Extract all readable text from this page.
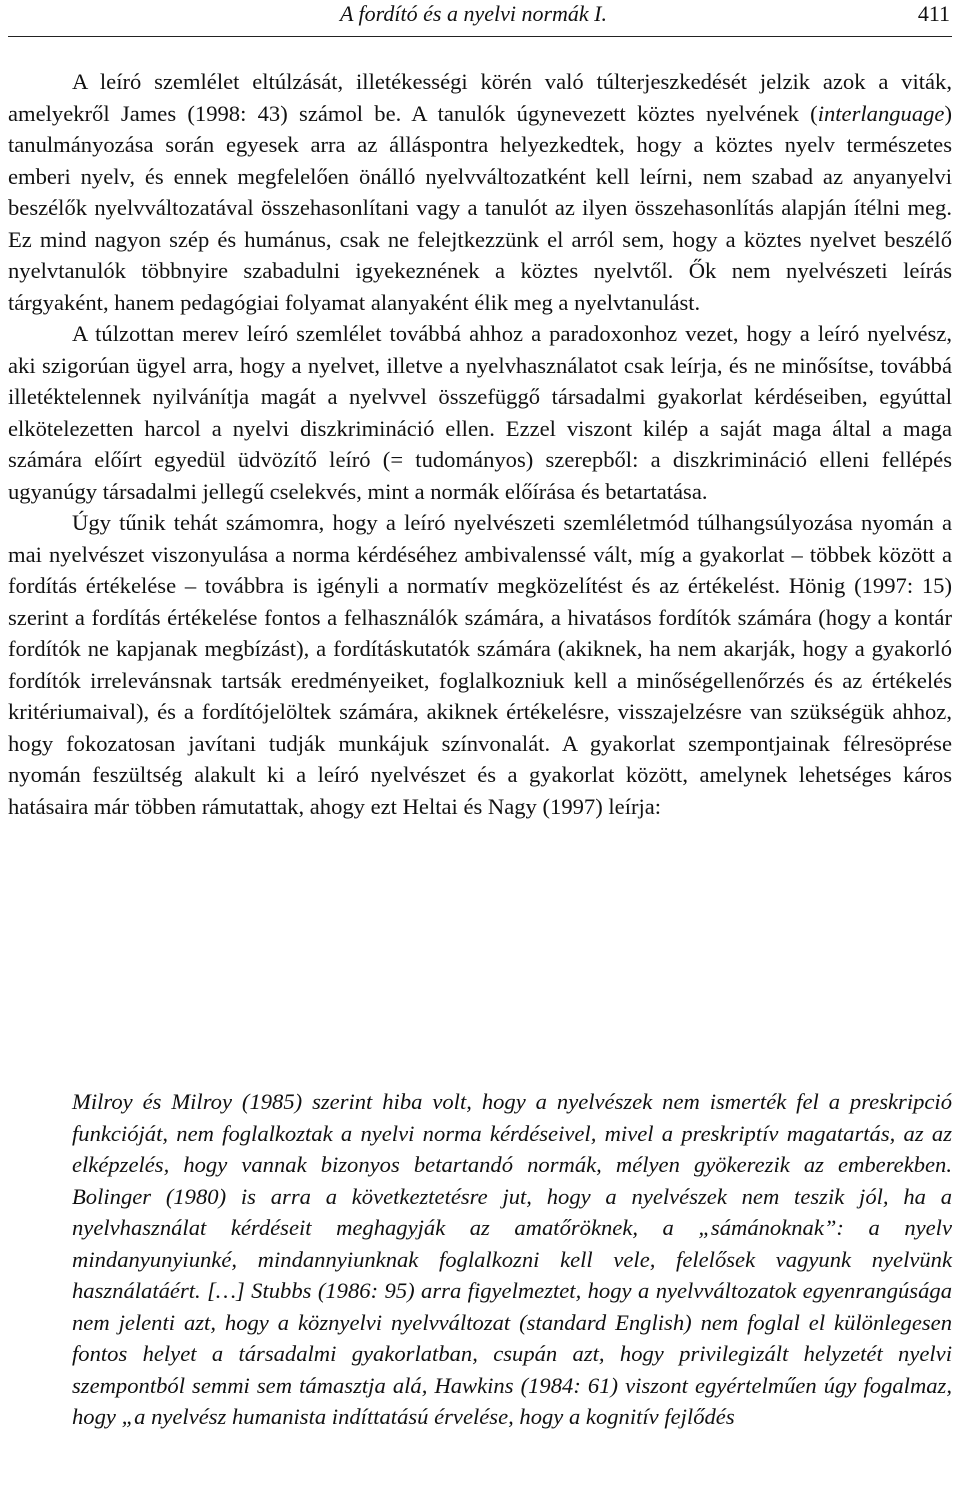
A fordító és a nyelvi normák I.	411

A leíró szemlélet eltúlzását, illetékességi körén való túlterjeszkedését jelzik azok a viták, amelyekről James (1998: 43) számol be. A tanulók úgynevezett köztes nyelvének (interlanguage) tanulmányozása során egyesek arra az álláspontra helyezkedtek, hogy a köztes nyelv természetes emberi nyelv, és ennek megfelelően önálló nyelvváltozatként kell leírni, nem szabad az anyanyelvi beszélők nyelvváltozatával összehasonlítani vagy a tanulót az ilyen összehasonlítás alapján ítélni meg. Ez mind nagyon szép és humánus, csak ne felejtkezzünk el arról sem, hogy a köztes nyelvet beszélő nyelvtanulók többnyire szabadulni igyekeznének a köztes nyelvtől. Ők nem nyelvészeti leírás tárgyaként, hanem pedagógiai folyamat alanyaként élik meg a nyelvtanulást.

A túlzottan merev leíró szemlélet továbbá ahhoz a paradoxonhoz vezet, hogy a leíró nyelvész, aki szigorúan ügyel arra, hogy a nyelvet, illetve a nyelvhasználatot csak leírja, és ne minősítse, továbbá illetéktelennek nyilvánítja magát a nyelvvel összefüggő társadalmi gyakorlat kérdéseiben, egyúttal elkötelezetten harcol a nyelvi diszkrimináció ellen. Ezzel viszont kilép a saját maga által a maga számára előírt egyedül üdvözítő leíró (= tudományos) szerepből: a diszkrimináció elleni fellépés ugyanúgy társadalmi jellegű cselekvés, mint a normák előírása és betartatása.

Úgy tűnik tehát számomra, hogy a leíró nyelvészeti szemléletmód túlhangsúlyozása nyomán a mai nyelvészet viszonyulása a norma kérdéséhez ambivalenssé vált, míg a gyakorlat – többek között a fordítás értékelése – továbbra is igényli a normatív megközelítést és az értékelést. Hönig (1997: 15) szerint a fordítás értékelése fontos a felhasználók számára, a hivatásos fordítók számára (hogy a kontár fordítók ne kapjanak megbízást), a fordításkutatók számára (akiknek, ha nem akarják, hogy a gyakorló fordítók irrelevánsnak tartsák eredményeiket, foglalkozniuk kell a minőségellenőrzés és az értékelés kritériumaival), és a fordítójelöltek számára, akiknek értékelésre, visszajelzésre van szükségük ahhoz, hogy fokozatosan javítani tudják munkájuk színvonalát. A gyakorlat szempontjainak félresöprése nyomán feszültség alakult ki a leíró nyelvészet és a gyakorlat között, amelynek lehetséges káros hatásaira már többen rámutattak, ahogy ezt Heltai és Nagy (1997) leírja:

Milroy és Milroy (1985) szerint hiba volt, hogy a nyelvészek nem ismerték fel a preskripció funkcióját, nem foglalkoztak a nyelvi norma kérdéseivel, mivel a preskriptív magatartás, az az elképzelés, hogy vannak bizonyos betartandó normák, mélyen gyökerezik az emberekben. Bolinger (1980) is arra a következtetésre jut, hogy a nyelvészek nem teszik jól, ha a nyelvhasználat kérdéseit meghagyják az amatőröknek, a „sámánoknak”: a nyelv mindanyunyiunké, mindannyiunknak foglalkozni kell vele, felelősek vagyunk nyelvünk használatáért. […] Stubbs (1986: 95) arra figyelmeztet, hogy a nyelvváltozatok egyenrangúsága nem jelenti azt, hogy a köznyelvi nyelvváltozat (standard English) nem foglal el különlegesen fontos helyet a társadalmi gyakorlatban, csupán azt, hogy privilegizált helyzetét nyelvi szempontból semmi sem támasztja alá, Hawkins (1984: 61) viszont egyértelműen úgy fogalmaz, hogy „a nyelvész humanista indíttatású érvelése, hogy a kognitív fejlődés
